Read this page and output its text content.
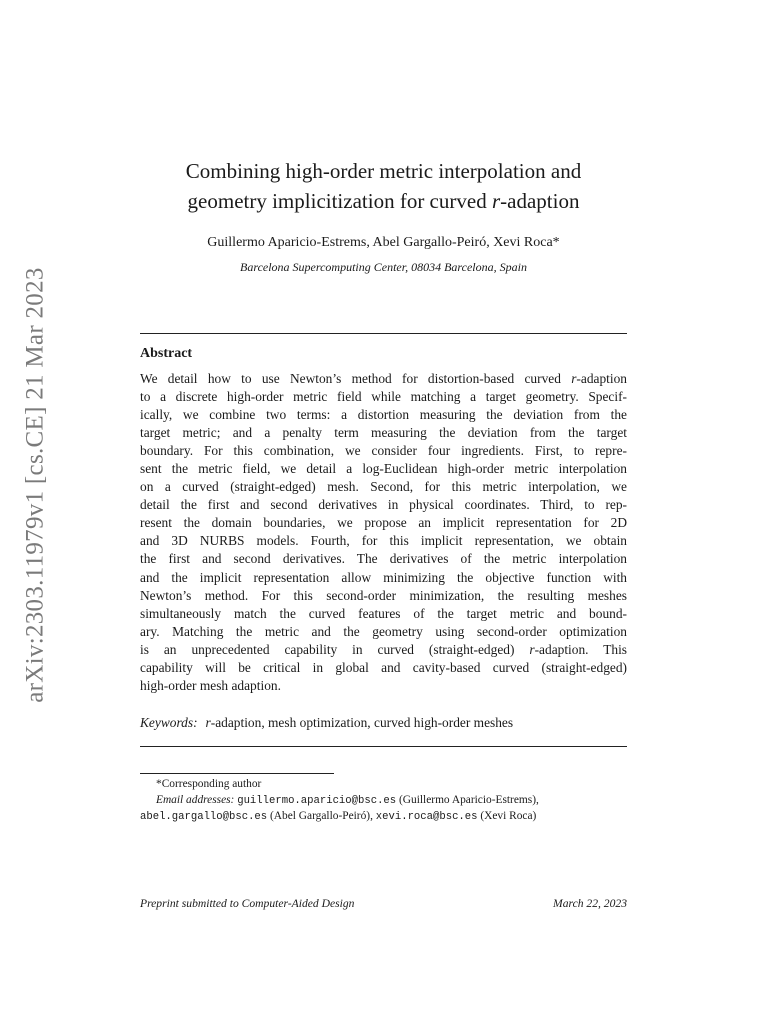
arXiv:2303.11979v1 [cs.CE] 21 Mar 2023
Combining high-order metric interpolation and
geometry implicitization for curved r-adaption
Guillermo Aparicio-Estrems, Abel Gargallo-Peiró, Xevi Roca*
Barcelona Supercomputing Center, 08034 Barcelona, Spain
Abstract
We detail how to use Newton’s method for distortion-based curved r-adaption
to a discrete high-order metric field while matching a target geometry. Specif-
ically, we combine two terms: a distortion measuring the deviation from the
target metric; and a penalty term measuring the deviation from the target
boundary. For this combination, we consider four ingredients. First, to repre-
sent the metric field, we detail a log-Euclidean high-order metric interpolation
on a curved (straight-edged) mesh. Second, for this metric interpolation, we
detail the first and second derivatives in physical coordinates. Third, to rep-
resent the domain boundaries, we propose an implicit representation for 2D
and 3D NURBS models. Fourth, for this implicit representation, we obtain
the first and second derivatives. The derivatives of the metric interpolation
and the implicit representation allow minimizing the objective function with
Newton’s method. For this second-order minimization, the resulting meshes
simultaneously match the curved features of the target metric and bound-
ary. Matching the metric and the geometry using second-order optimization
is an unprecedented capability in curved (straight-edged) r-adaption. This
capability will be critical in global and cavity-based curved (straight-edged)
high-order mesh adaption.
Keywords: r-adaption, mesh optimization, curved high-order meshes
*Corresponding author
Email addresses: guillermo.aparicio@bsc.es (Guillermo Aparicio-Estrems),
abel.gargallo@bsc.es (Abel Gargallo-Peiró), xevi.roca@bsc.es (Xevi Roca)
Preprint submitted to Computer-Aided Design	March 22, 2023
